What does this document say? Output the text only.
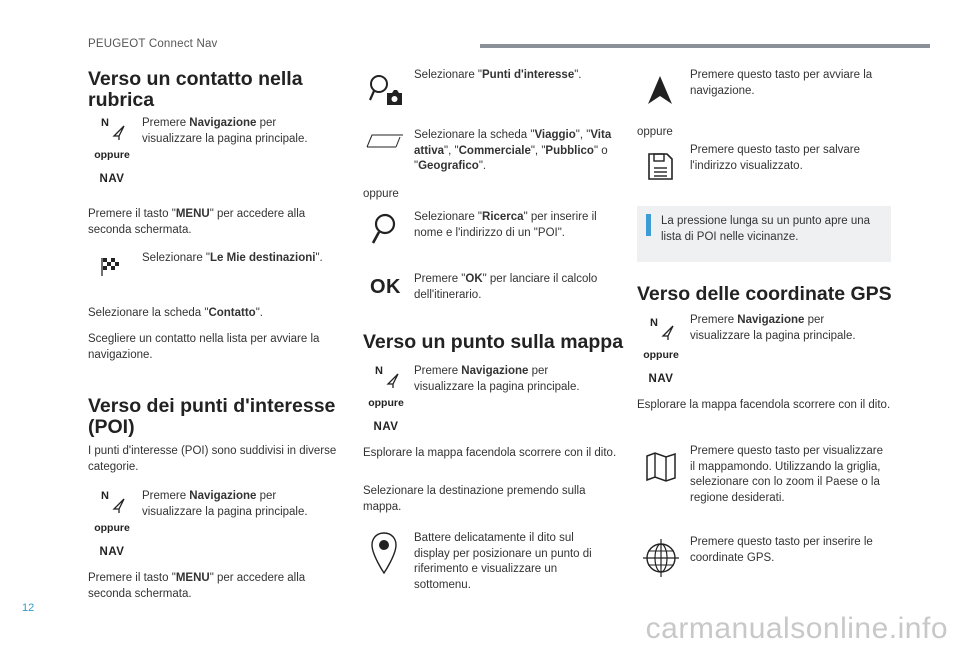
PEUGEOT Connect Nav
Verso un contatto nella rubrica
N
oppure
NAV
Premere Navigazione per visualizzare la pagina principale.
Premere il tasto "MENU" per accedere alla seconda schermata.
Selezionare "Le Mie destinazioni".
Selezionare la scheda "Contatto".
Scegliere un contatto nella lista per avviare la navigazione.
Verso dei punti d'interesse (POI)
I punti d'interesse (POI) sono suddivisi in diverse categorie.
N
oppure
NAV
Premere Navigazione per visualizzare la pagina principale.
Premere il tasto "MENU" per accedere alla seconda schermata.
Selezionare "Punti d'interesse".
Selezionare la scheda "Viaggio", "Vita attiva", "Commerciale", "Pubblico" o "Geografico".
oppure
Selezionare "Ricerca" per inserire il nome e l'indirizzo di un "POI".
OK Premere "OK" per lanciare il calcolo dell'itinerario.
Verso un punto sulla mappa
N
oppure
NAV
Premere Navigazione per visualizzare la pagina principale.
Esplorare la mappa facendola scorrere con il dito.
Selezionare la destinazione premendo sulla mappa.
Battere delicatamente il dito sul display per posizionare un punto di riferimento e visualizzare un sottomenu.
Premere questo tasto per avviare la navigazione.
oppure
Premere questo tasto per salvare l'indirizzo visualizzato.
La pressione lunga su un punto apre una lista di POI nelle vicinanze.
Verso delle coordinate GPS
N
oppure
NAV
Premere Navigazione per visualizzare la pagina principale.
Esplorare la mappa facendola scorrere con il dito.
Premere questo tasto per visualizzare il mappamondo. Utilizzando la griglia, selezionare con lo zoom il Paese o la regione desiderati.
Premere questo tasto per inserire le coordinate GPS.
12
carmanualsonline.info
